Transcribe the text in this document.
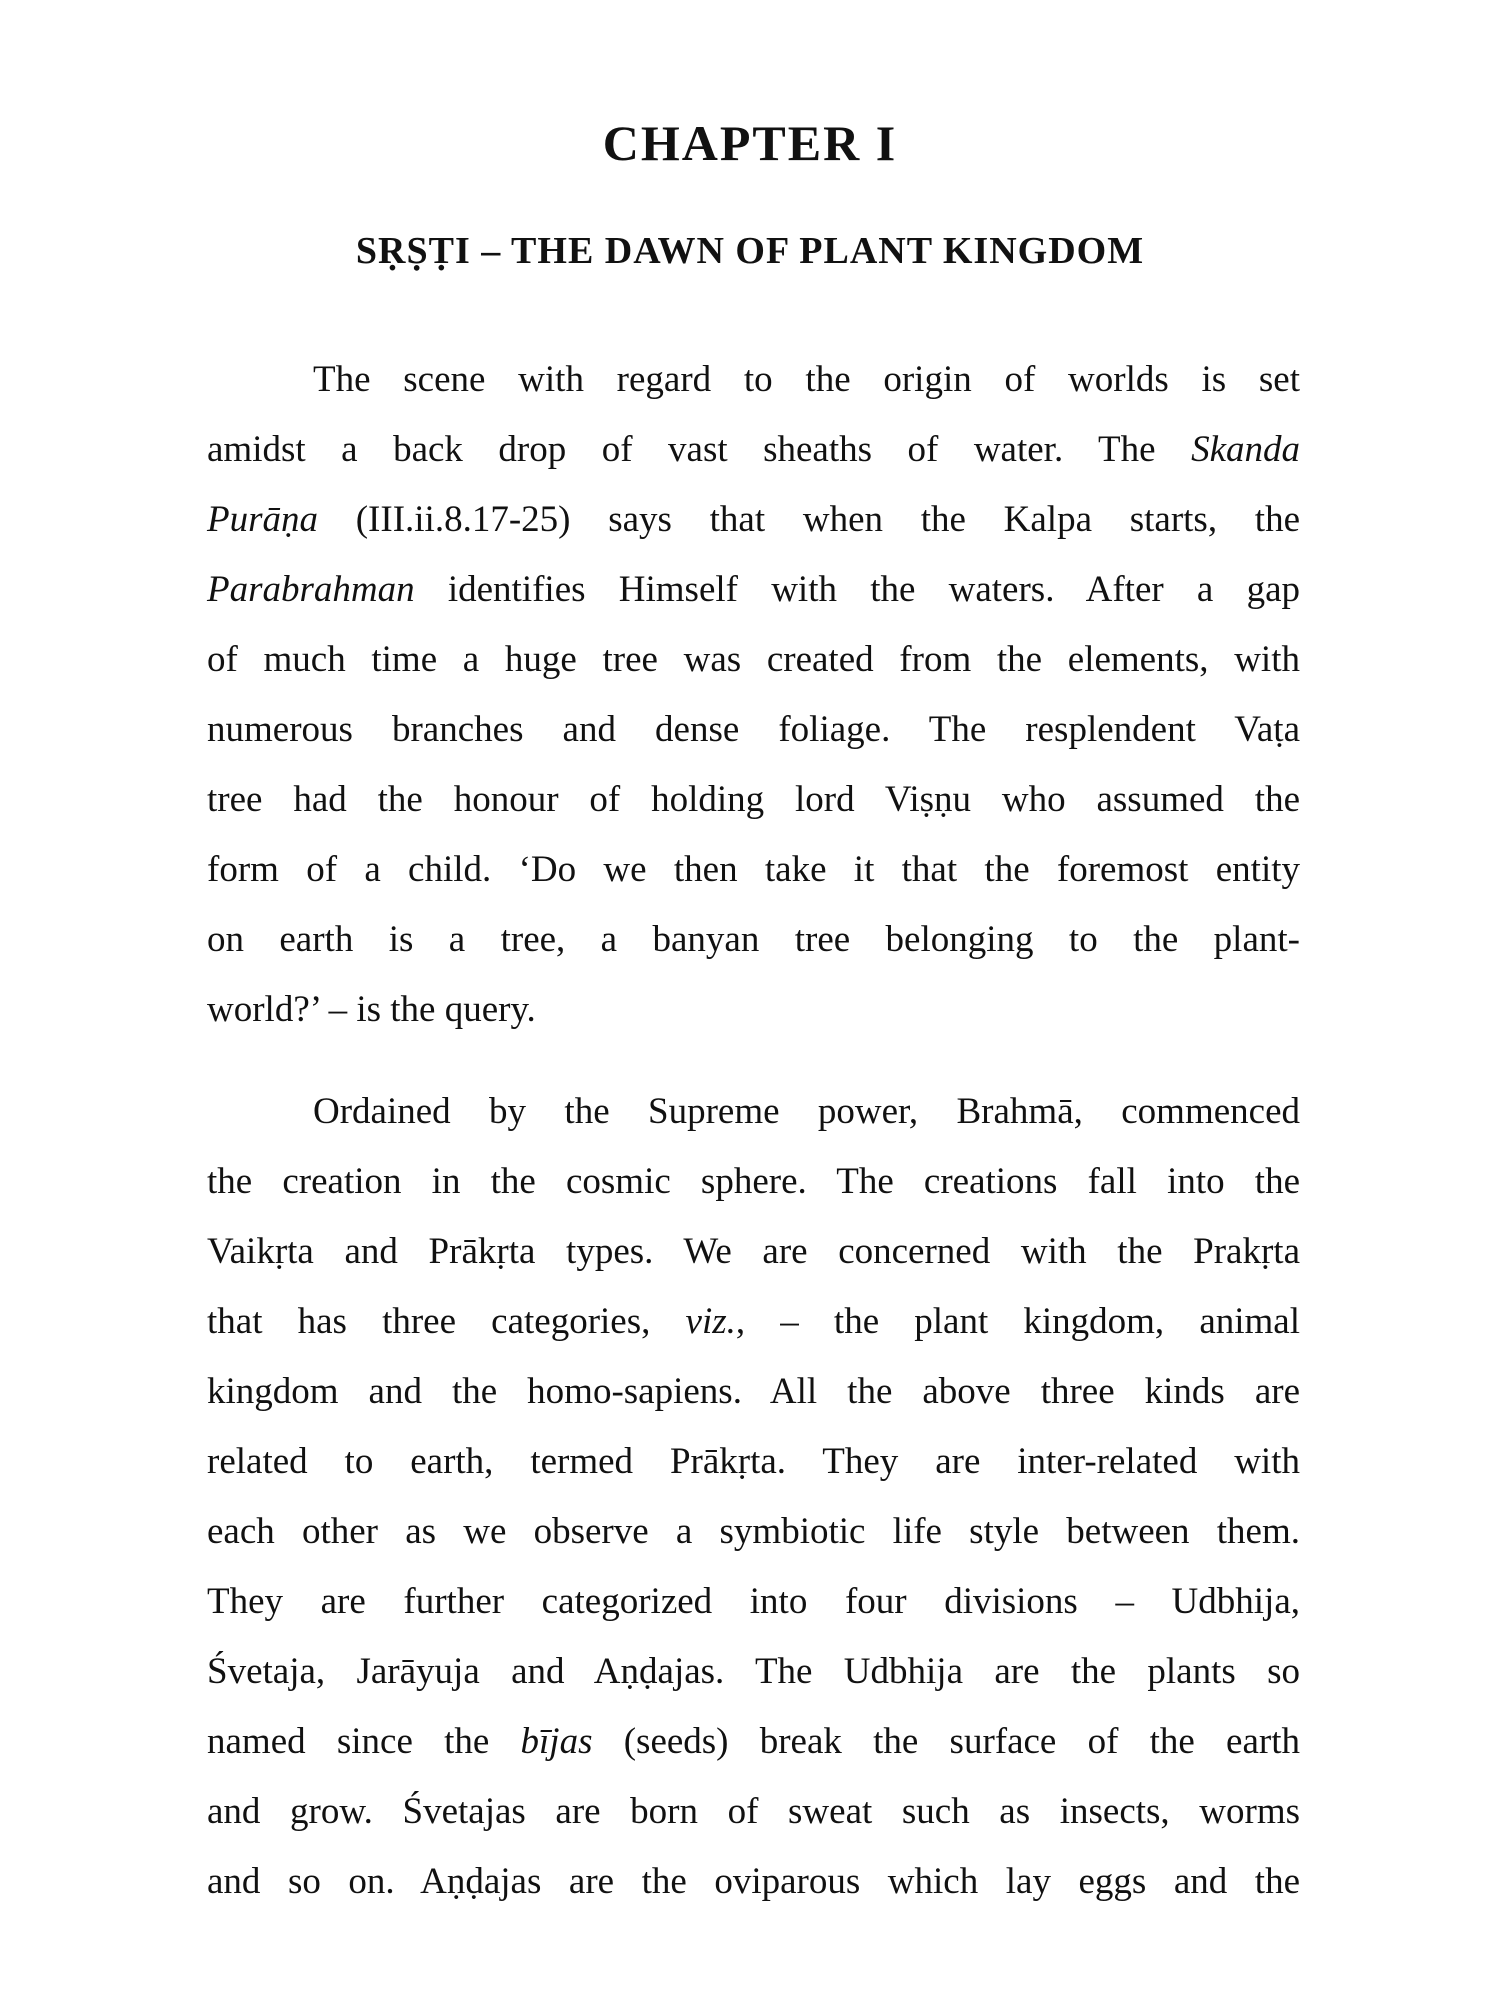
CHAPTER I
SṚṢṬI – THE DAWN OF PLANT KINGDOM

The scene with regard to the origin of worlds is set
amidst a back drop of vast sheaths of water. The Skanda
Purāṇa (III.ii.8.17-25) says that when the Kalpa starts, the
Parabrahman identifies Himself with the waters. After a gap
of much time a huge tree was created from the elements, with
numerous branches and dense foliage. The resplendent Vaṭa
tree had the honour of holding lord Viṣṇu who assumed the
form of a child. ‘Do we then take it that the foremost entity
on earth is a tree, a banyan tree belonging to the plant-
world?’ – is the query.

Ordained by the Supreme power, Brahmā, commenced
the creation in the cosmic sphere. The creations fall into the
Vaikṛta and Prākṛta types. We are concerned with the Prakṛta
that has three categories, viz., – the plant kingdom, animal
kingdom and the homo-sapiens. All the above three kinds are
related to earth, termed Prākṛta. They are inter-related with
each other as we observe a symbiotic life style between them.
They are further categorized into four divisions – Udbhija,
Śvetaja, Jarāyuja and Aṇḍajas. The Udbhija are the plants so
named since the bījas (seeds) break the surface of the earth
and grow. Śvetajas are born of sweat such as insects, worms
and so on. Aṇḍajas are the oviparous which lay eggs and the
